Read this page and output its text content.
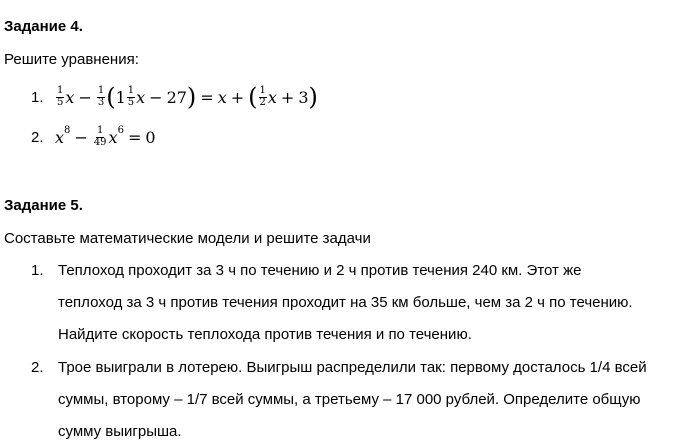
Задание 4.
Решите уравнения:
1. $\frac{1}{5}$ $x - \frac{1}{3}$ ( $1 \frac{1}{5}$ x − 27 ) = x + ( $\frac{1}{2}$ x + 3 )
2. x $8 - \frac{1}{49}$ x 6 = 0
Задание 5.
Составьте математические модели и решите задачи
1. Теплоход проходит за 3 ч по течению и 2 ч против течения 240 км. Этот же
теплоход за 3 ч против течения проходит на 35 км больше, чем за 2 ч по течению.
Найдите скорость теплохода против течения и по течению.
2. Трое выиграли в лотерею. Выигрыш распределили так: первому досталось 1/4 всей
суммы, второму – 1/7 всей суммы, а третьему – 17 000 рублей. Определите общую
сумму выигрыша.
